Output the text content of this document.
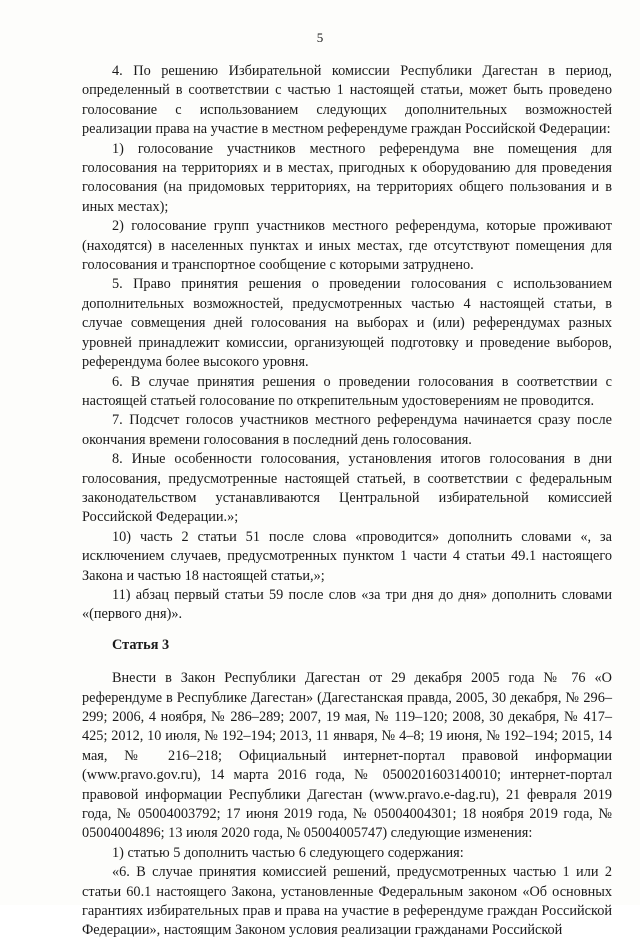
5

4. По решению Избирательной комиссии Республики Дагестан в период, определенный в соответствии с частью 1 настоящей статьи, может быть проведено голосование с использованием следующих дополнительных возможностей реализации права на участие в местном референдуме граждан Российской Федерации:

1) голосование участников местного референдума вне помещения для голосования на территориях и в местах, пригодных к оборудованию для проведения голосования (на придомовых территориях, на территориях общего пользования и в иных местах);

2) голосование групп участников местного референдума, которые проживают (находятся) в населенных пунктах и иных местах, где отсутствуют помещения для голосования и транспортное сообщение с которыми затруднено.

5. Право принятия решения о проведении голосования с использованием дополнительных возможностей, предусмотренных частью 4 настоящей статьи, в случае совмещения дней голосования на выборах и (или) референдумах разных уровней принадлежит комиссии, организующей подготовку и проведение выборов, референдума более высокого уровня.

6. В случае принятия решения о проведении голосования в соответствии с настоящей статьей голосование по открепительным удостоверениям не проводится.

7. Подсчет голосов участников местного референдума начинается сразу после окончания времени голосования в последний день голосования.

8. Иные особенности голосования, установления итогов голосования в дни голосования, предусмотренные настоящей статьей, в соответствии с федеральным законодательством устанавливаются Центральной избирательной комиссией Российской Федерации.»;

10) часть 2 статьи 51 после слова «проводится» дополнить словами «, за исключением случаев, предусмотренных пунктом 1 части 4 статьи 49.1 настоящего Закона и частью 18 настоящей статьи,»;

11) абзац первый статьи 59 после слов «за три дня до дня» дополнить словами «(первого дня)».

Статья 3

Внести в Закон Республики Дагестан от 29 декабря 2005 года № 76 «О референдуме в Республике Дагестан» (Дагестанская правда, 2005, 30 декабря, № 296–299; 2006, 4 ноября, № 286–289; 2007, 19 мая, № 119–120; 2008, 30 декабря, № 417–425; 2012, 10 июля, № 192–194; 2013, 11 января, № 4–8; 19 июня, № 192–194; 2015, 14 мая, № 216–218; Официальный интернет-портал правовой информации (www.pravo.gov.ru), 14 марта 2016 года, № 0500201603140010; интернет-портал правовой информации Республики Дагестан (www.pravo.e-dag.ru), 21 февраля 2019 года, № 05004003792; 17 июня 2019 года, № 05004004301; 18 ноября 2019 года, № 05004004896; 13 июля 2020 года, № 05004005747) следующие изменения:

1) статью 5 дополнить частью 6 следующего содержания:

«6. В случае принятия комиссией решений, предусмотренных частью 1 или 2 статьи 60.1 настоящего Закона, установленные Федеральным законом «Об основных гарантиях избирательных прав и права на участие в референдуме граждан Российской Федерации», настоящим Законом условия реализации гражданами Российской
